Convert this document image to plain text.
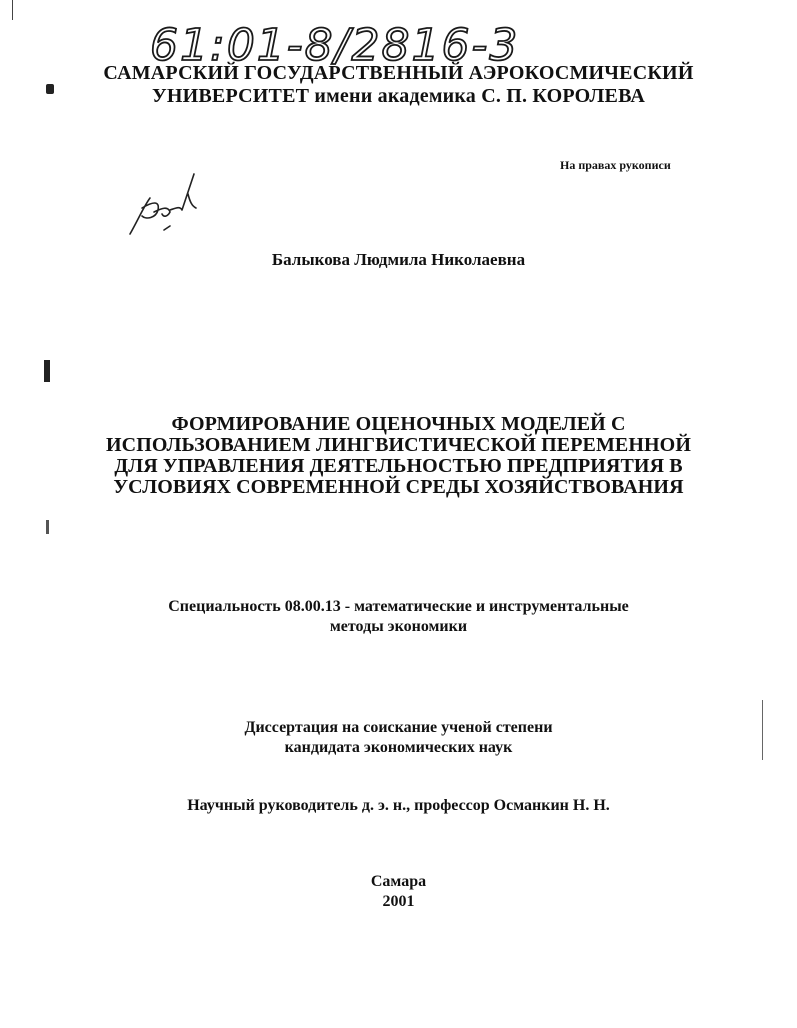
61:01-8/2816-3
САМАРСКИЙ ГОСУДАРСТВЕННЫЙ АЭРОКОСМИЧЕСКИЙ
УНИВЕРСИТЕТ имени академика С. П. КОРОЛЕВА
На правах рукописи
Балыкова Людмила Николаевна
ФОРМИРОВАНИЕ ОЦЕНОЧНЫХ МОДЕЛЕЙ С
ИСПОЛЬЗОВАНИЕМ ЛИНГВИСТИЧЕСКОЙ ПЕРЕМЕННОЙ
ДЛЯ УПРАВЛЕНИЯ ДЕЯТЕЛЬНОСТЬЮ ПРЕДПРИЯТИЯ В
УСЛОВИЯХ СОВРЕМЕННОЙ СРЕДЫ ХОЗЯЙСТВОВАНИЯ
Специальность 08.00.13 - математические и инструментальные
методы экономики
Диссертация на соискание ученой степени
кандидата экономических наук
Научный руководитель д. э. н., профессор Османкин Н. Н.
Самара
2001
